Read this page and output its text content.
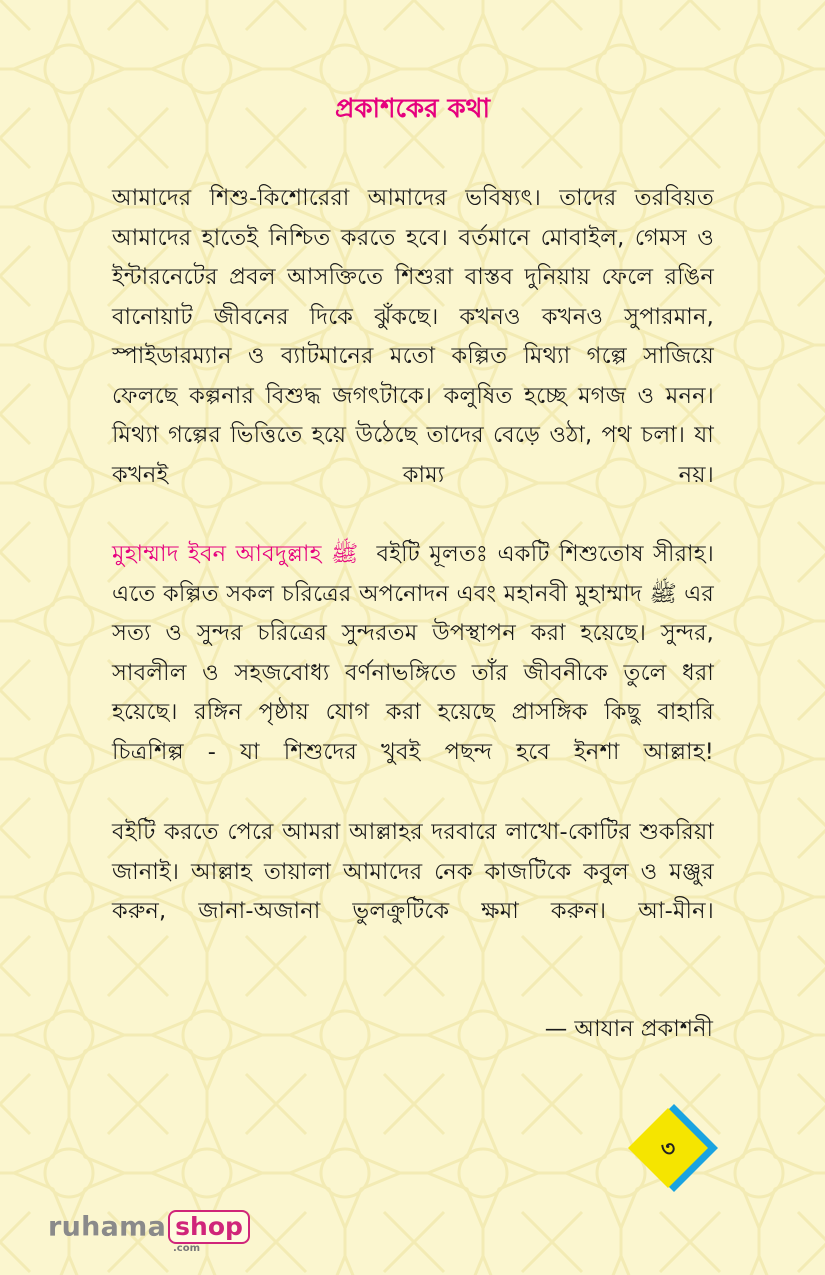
প্রকাশকের কথা
আমাদের শিশু-কিশোরেরা আমাদের ভবিষ্যৎ। তাদের তরবিয়ত আমাদের হাতেই নিশ্চিত করতে হবে। বর্তমানে মোবাইল, গেমস ও ইন্টারনেটের প্রবল আসক্তিতে শিশুরা বাস্তব দুনিয়ায় ফেলে রঙিন বানোয়াট জীবনের দিকে ঝুঁকছে। কখনও কখনও সুপারমান, স্পাইডারম্যান ও ব্যাটমানের মতো কল্পিত মিথ্যা গল্পে সাজিয়ে ফেলছে কল্পনার বিশুদ্ধ জগৎটাকে। কলুষিত হচ্ছে মগজ ও মনন। মিথ্যা গল্পের ভিত্তিতে হয়ে উঠেছে তাদের বেড়ে ওঠা, পথ চলা। যা কখনই কাম্য নয়।
মুহাম্মাদ ইবন আবদুল্লাহ ﷺ বইটি মূলতঃ একটি শিশুতোষ সীরাহ। এতে কল্পিত সকল চরিত্রের অপনোদন এবং মহানবী মুহাম্মাদ ﷺ এর সত্য ও সুন্দর চরিত্রের সুন্দরতম উপস্থাপন করা হয়েছে। সুন্দর, সাবলীল ও সহজবোধ্য বর্ণনাভঙ্গিতে তাঁর জীবনীকে তুলে ধরা হয়েছে। রঙ্গিন পৃষ্ঠায় যোগ করা হয়েছে প্রাসঙ্গিক কিছু বাহারি চিত্রশিল্প - যা শিশুদের খুবই পছন্দ হবে ইনশা আল্লাহ!
বইটি করতে পেরে আমরা আল্লাহর দরবারে লাখো-কোটির শুকরিয়া জানাই। আল্লাহ তায়ালা আমাদের নেক কাজটিকে কবুল ও মঞ্জুর করুন, জানা-অজানা ভুলক্রুটিকে ক্ষমা করুন। আ-মীন।
— আযান প্রকাশনী
৩
ruhama shop
.com
